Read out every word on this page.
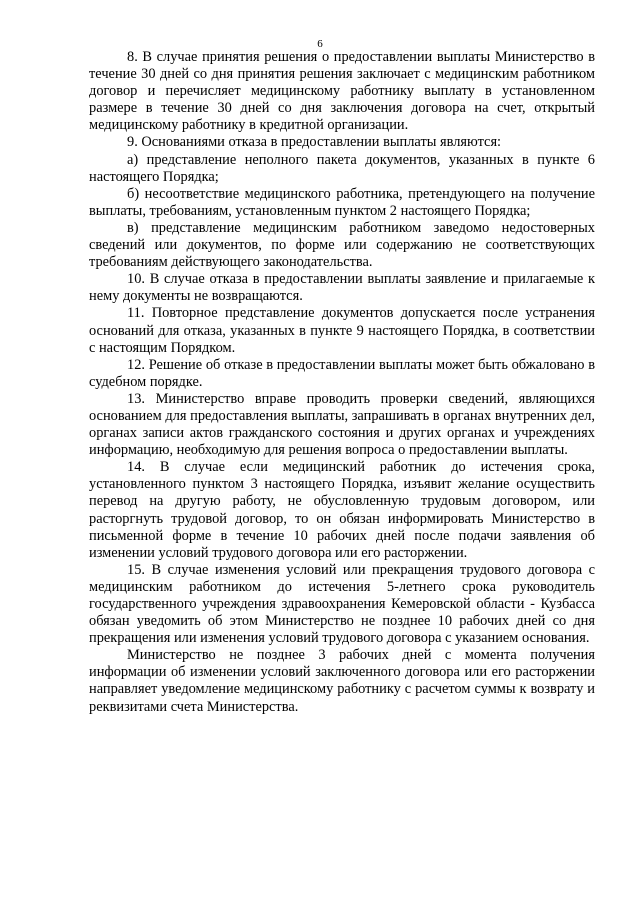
6

8. В случае принятия решения о предоставлении выплаты Министерство в течение 30 дней со дня принятия решения заключает с медицинским работником договор и перечисляет медицинскому работнику выплату в установленном размере в течение 30 дней со дня заключения договора на счет, открытый медицинскому работнику в кредитной организации.

9. Основаниями отказа в предоставлении выплаты являются:

а) представление неполного пакета документов, указанных в пункте 6 настоящего Порядка;

б) несоответствие медицинского работника, претендующего на получение выплаты, требованиям, установленным пунктом 2 настоящего Порядка;

в) представление медицинским работником заведомо недостоверных сведений или документов, по форме или содержанию не соответствующих требованиям действующего законодательства.

10. В случае отказа в предоставлении выплаты заявление и прилагаемые к нему документы не возвращаются.

11. Повторное представление документов допускается после устранения оснований для отказа, указанных в пункте 9 настоящего Порядка, в соответствии с настоящим Порядком.

12. Решение об отказе в предоставлении выплаты может быть обжаловано в судебном порядке.

13. Министерство вправе проводить проверки сведений, являющихся основанием для предоставления выплаты, запрашивать в органах внутренних дел, органах записи актов гражданского состояния и других органах и учреждениях информацию, необходимую для решения вопроса о предоставлении выплаты.

14. В случае если медицинский работник до истечения срока, установленного пунктом 3 настоящего Порядка, изъявит желание осуществить перевод на другую работу, не обусловленную трудовым договором, или расторгнуть трудовой договор, то он обязан информировать Министерство в письменной форме в течение 10 рабочих дней после подачи заявления об изменении условий трудового договора или его расторжении.

15. В случае изменения условий или прекращения трудового договора с медицинским работником до истечения 5-летнего срока руководитель государственного учреждения здравоохранения Кемеровской области - Кузбасса обязан уведомить об этом Министерство не позднее 10 рабочих дней со дня прекращения или изменения условий трудового договора с указанием основания.

Министерство не позднее 3 рабочих дней с момента получения информации об изменении условий заключенного договора или его расторжении направляет уведомление медицинскому работнику с расчетом суммы к возврату и реквизитами счета Министерства.
